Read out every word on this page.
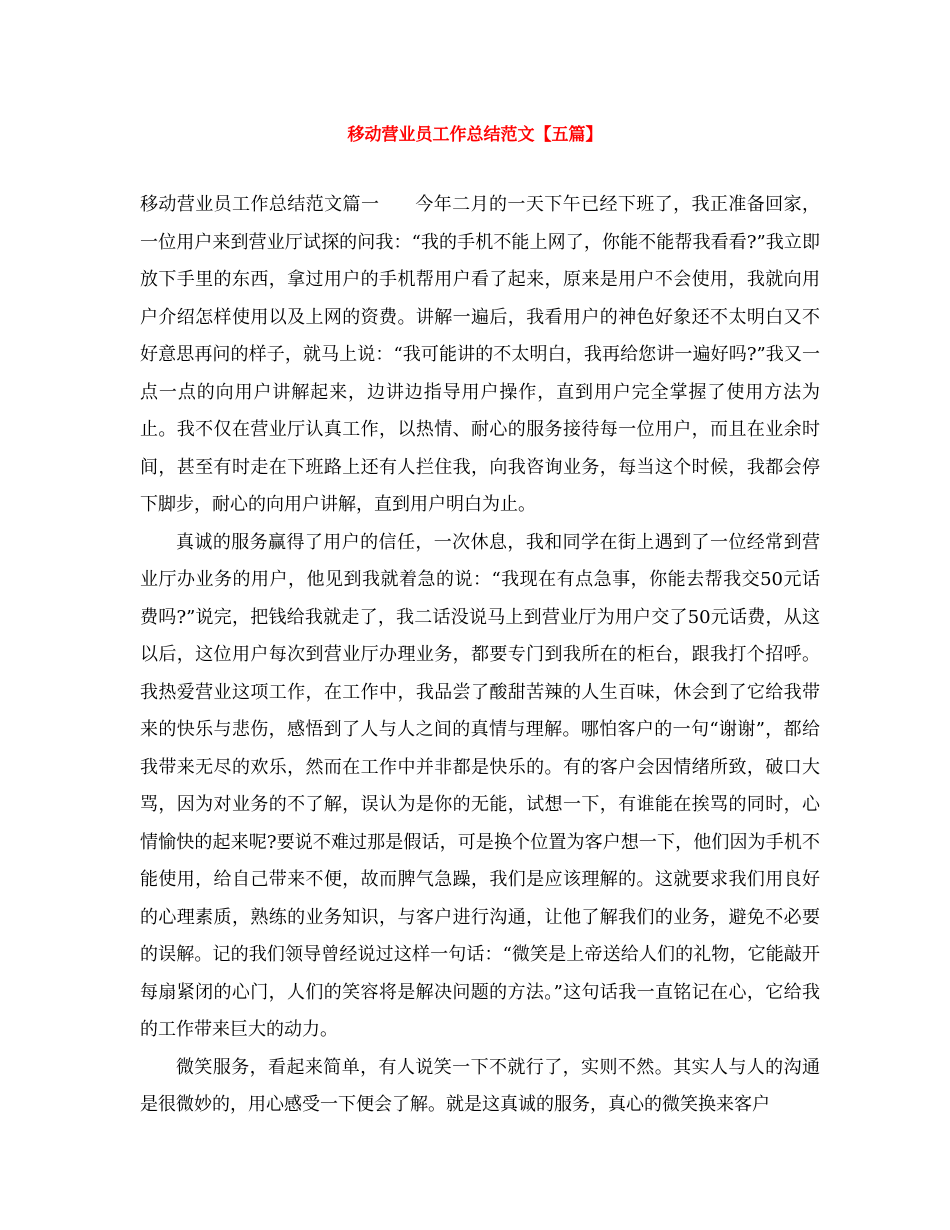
移动营业员工作总结范文【五篇】

移动营业员工作总结范文篇一 今年二月的一天下午已经下班了，我正准备回家，一位用户来到营业厅试探的问我：“我的手机不能上网了，你能不能帮我看看?”我立即放下手里的东西，拿过用户的手机帮用户看了起来，原来是用户不会使用，我就向用户介绍怎样使用以及上网的资费。讲解一遍后，我看用户的神色好象还不太明白又不好意思再问的样子，就马上说：“我可能讲的不太明白，我再给您讲一遍好吗?”我又一点一点的向用户讲解起来，边讲边指导用户操作，直到用户完全掌握了使用方法为止。我不仅在营业厅认真工作，以热情、耐心的服务接待每一位用户，而且在业余时间，甚至有时走在下班路上还有人拦住我，向我咨询业务，每当这个时候，我都会停下脚步，耐心的向用户讲解，直到用户明白为止。

真诚的服务赢得了用户的信任，一次休息，我和同学在街上遇到了一位经常到营业厅办业务的用户，他见到我就着急的说：“我现在有点急事，你能去帮我交50元话费吗?”说完，把钱给我就走了，我二话没说马上到营业厅为用户交了50元话费，从这以后，这位用户每次到营业厅办理业务，都要专门到我所在的柜台，跟我打个招呼。我热爱营业这项工作，在工作中，我品尝了酸甜苦辣的人生百味，休会到了它给我带来的快乐与悲伤，感悟到了人与人之间的真情与理解。哪怕客户的一句“谢谢”，都给我带来无尽的欢乐，然而在工作中并非都是快乐的。有的客户会因情绪所致，破口大骂，因为对业务的不了解，误认为是你的无能，试想一下，有谁能在挨骂的同时，心情愉快的起来呢?要说不难过那是假话，可是换个位置为客户想一下，他们因为手机不能使用，给自己带来不便，故而脾气急躁，我们是应该理解的。这就要求我们用良好的心理素质，熟练的业务知识，与客户进行沟通，让他了解我们的业务，避免不必要的误解。记的我们领导曾经说过这样一句话：“微笑是上帝送给人们的礼物，它能敲开每扇紧闭的心门，人们的笑容将是解决问题的方法。”这句话我一直铭记在心，它给我的工作带来巨大的动力。

微笑服务，看起来简单，有人说笑一下不就行了，实则不然。其实人与人的沟通是很微妙的，用心感受一下便会了解。就是这真诚的服务，真心的微笑换来客户
